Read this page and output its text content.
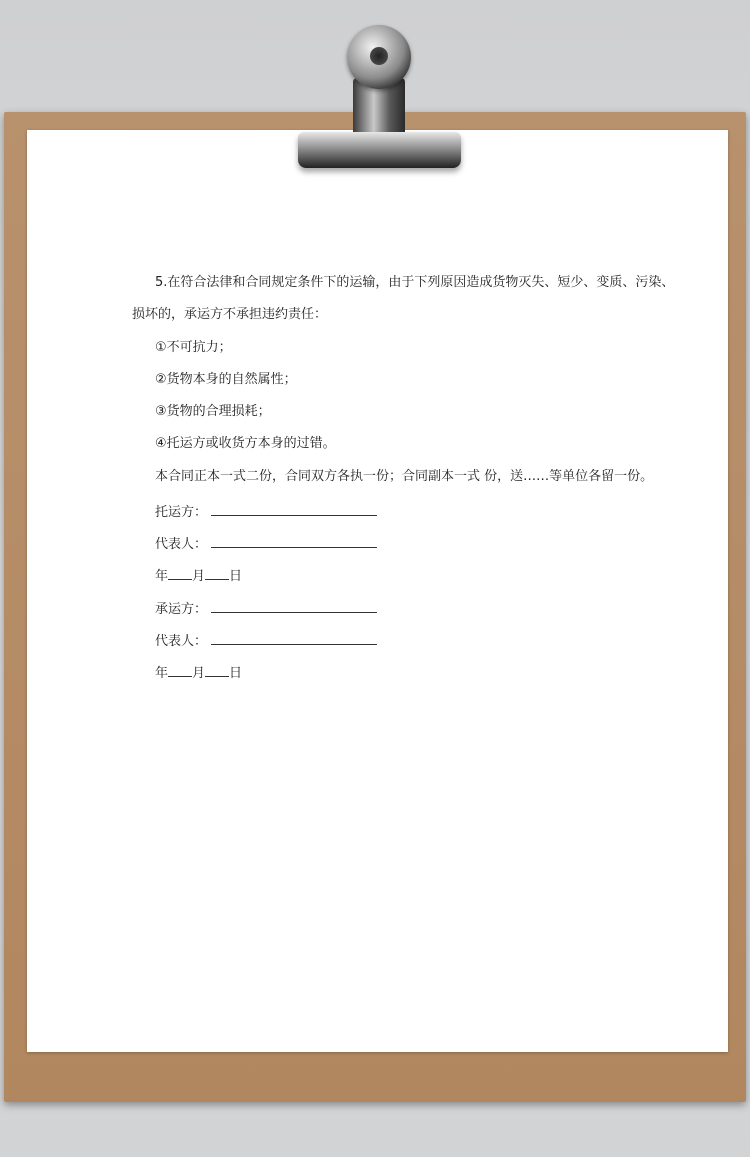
5.在符合法律和合同规定条件下的运输，由于下列原因造成货物灭失、短少、变质、污染、
损坏的，承运方不承担违约责任：
①不可抗力；
②货物本身的自然属性；
③货物的合理损耗；
④托运方或收货方本身的过错。
本合同正本一式二份，合同双方各执一份；合同副本一式 份，送……等单位各留一份。
托运方：
代表人：
年 月 日
承运方：
代表人：
年 月 日
